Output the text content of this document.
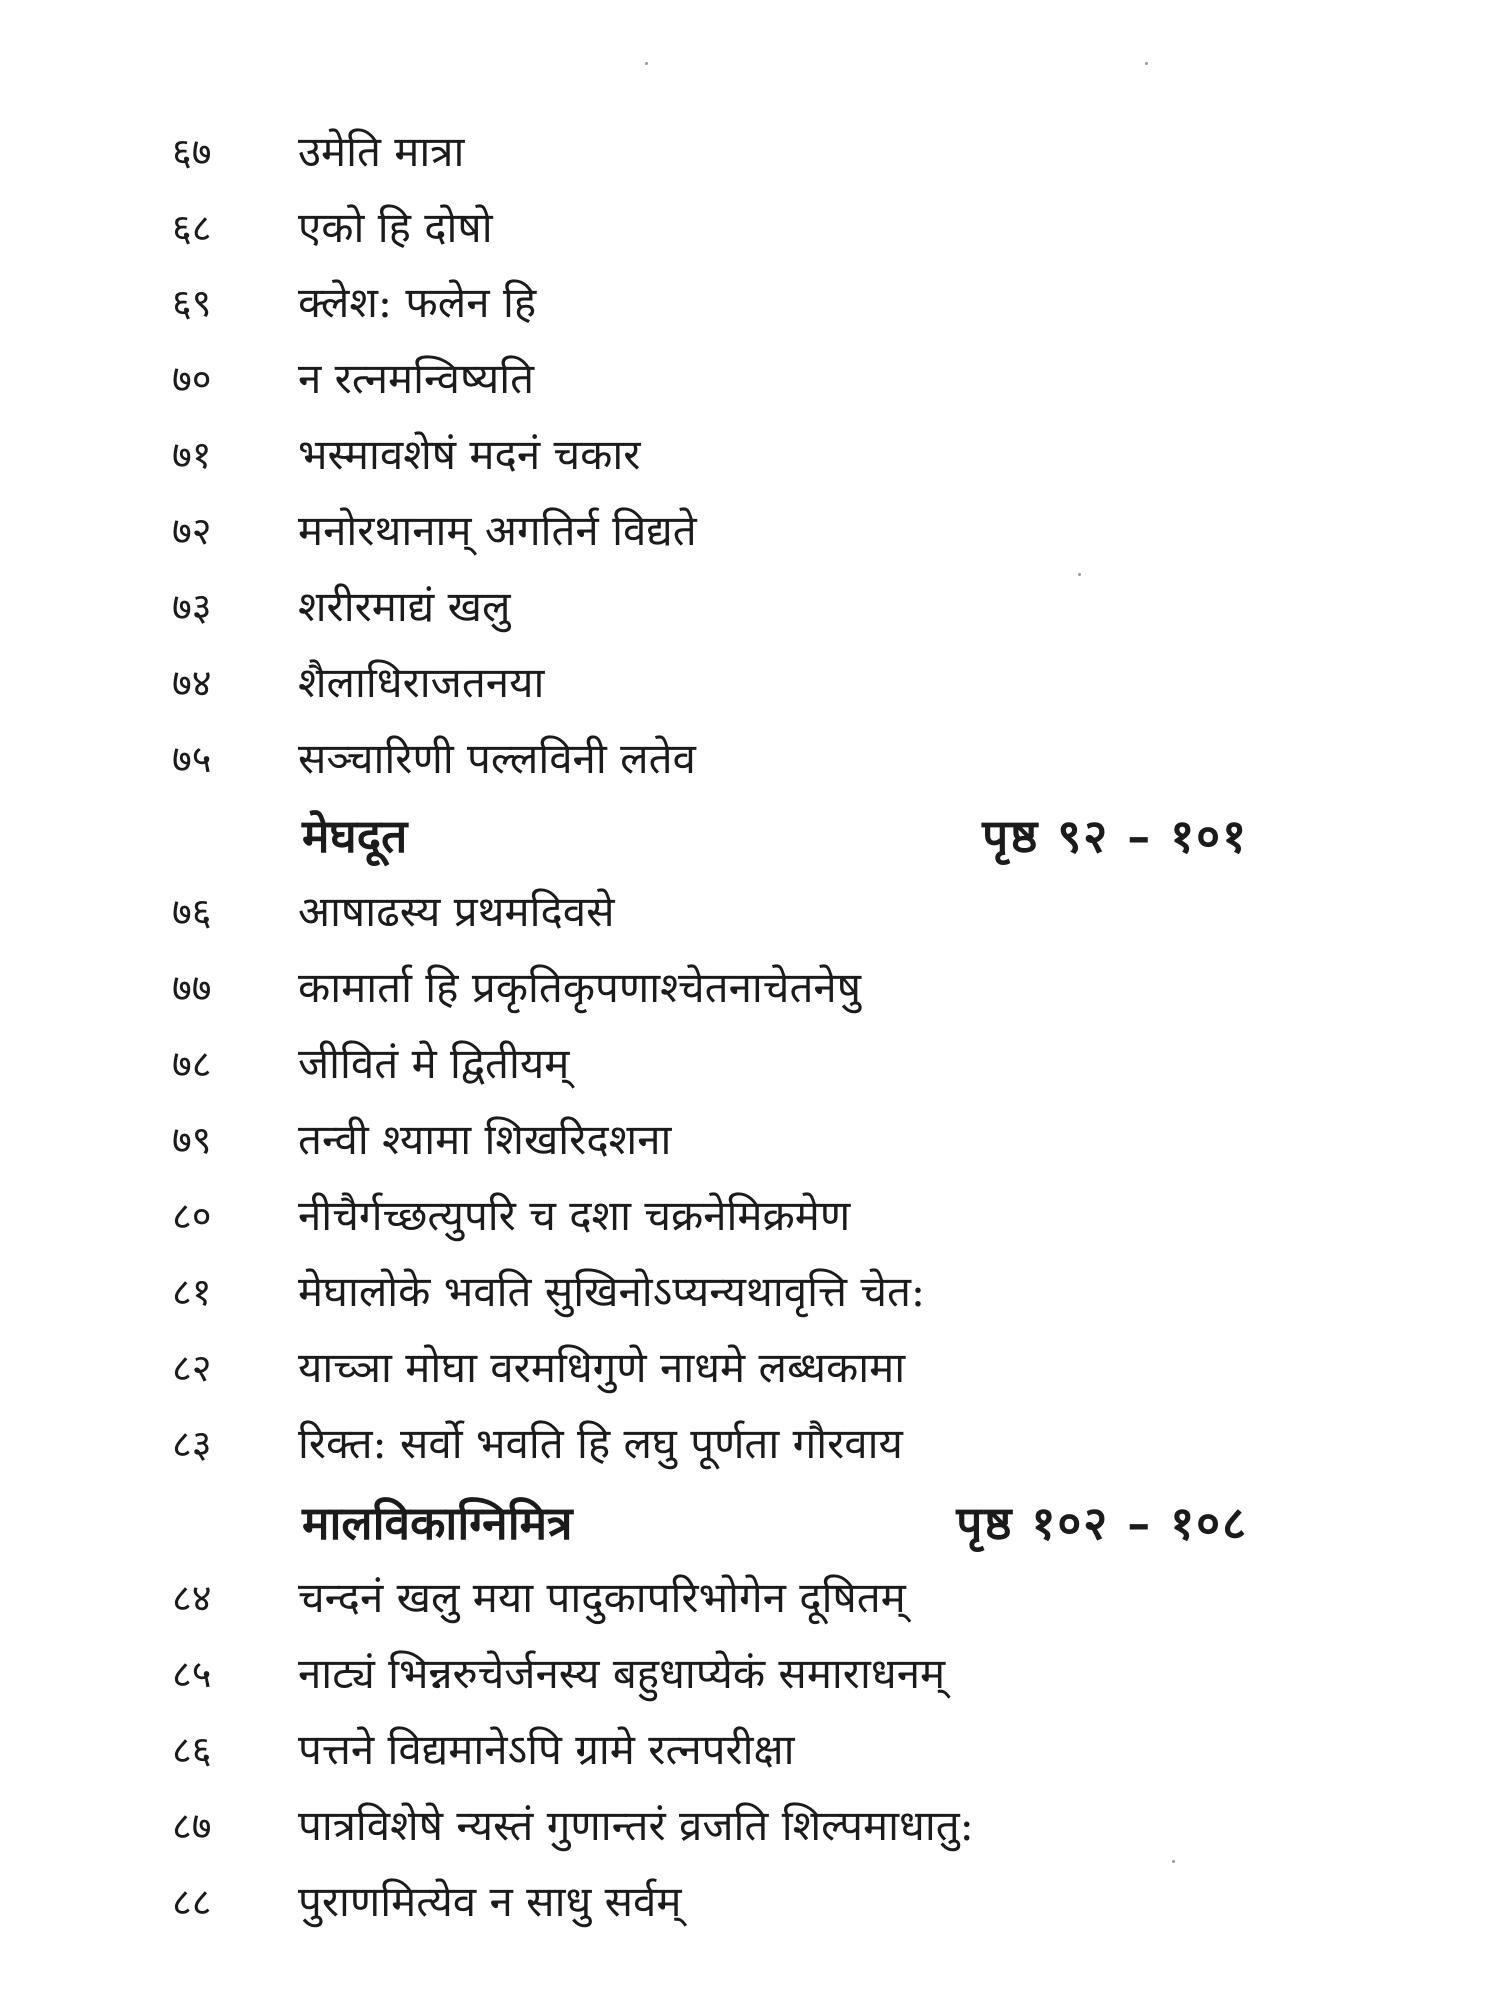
६७ उमेति मात्रा
६८ एको हि दोषो
६९ क्लेश: फलेन हि
७० न रत्नमन्विष्यति
७१ भस्मावशेषं मदनं चकार
७२ मनोरथानाम् अगतिर्न विद्यते
७३ शरीरमाद्यं खलु
७४ शैलाधिराजतनया
७५ सञ्चारिणी पल्लविनी लतेव
मेघदूत	पृष्ठ ९२ – १०१
७६ आषाढस्य प्रथमदिवसे
७७ कामार्ता हि प्रकृतिकृपणाश्चेतनाचेतनेषु
७८ जीवितं मे द्वितीयम्
७९ तन्वी श्यामा शिखरिदशना
८० नीचैर्गच्छत्युपरि च दशा चक्रनेमिक्रमेण
८१ मेघालोके भवति सुखिनोऽप्यन्यथावृत्ति चेत:
८२ याच्ञा मोघा वरमधिगुणे नाधमे लब्धकामा
८३ रिक्त: सर्वो भवति हि लघु पूर्णता गौरवाय
मालविकाग्निमित्र	पृष्ठ १०२ – १०८
८४ चन्दनं खलु मया पादुकापरिभोगेन दूषितम्
८५ नाट्यं भिन्नरुचेर्जनस्य बहुधाप्येकं समाराधनम्
८६ पत्तने विद्यमानेऽपि ग्रामे रत्नपरीक्षा
८७ पात्रविशेषे न्यस्तं गुणान्तरं व्रजति शिल्पमाधातु:
८८ पुराणमित्येव न साधु सर्वम्
